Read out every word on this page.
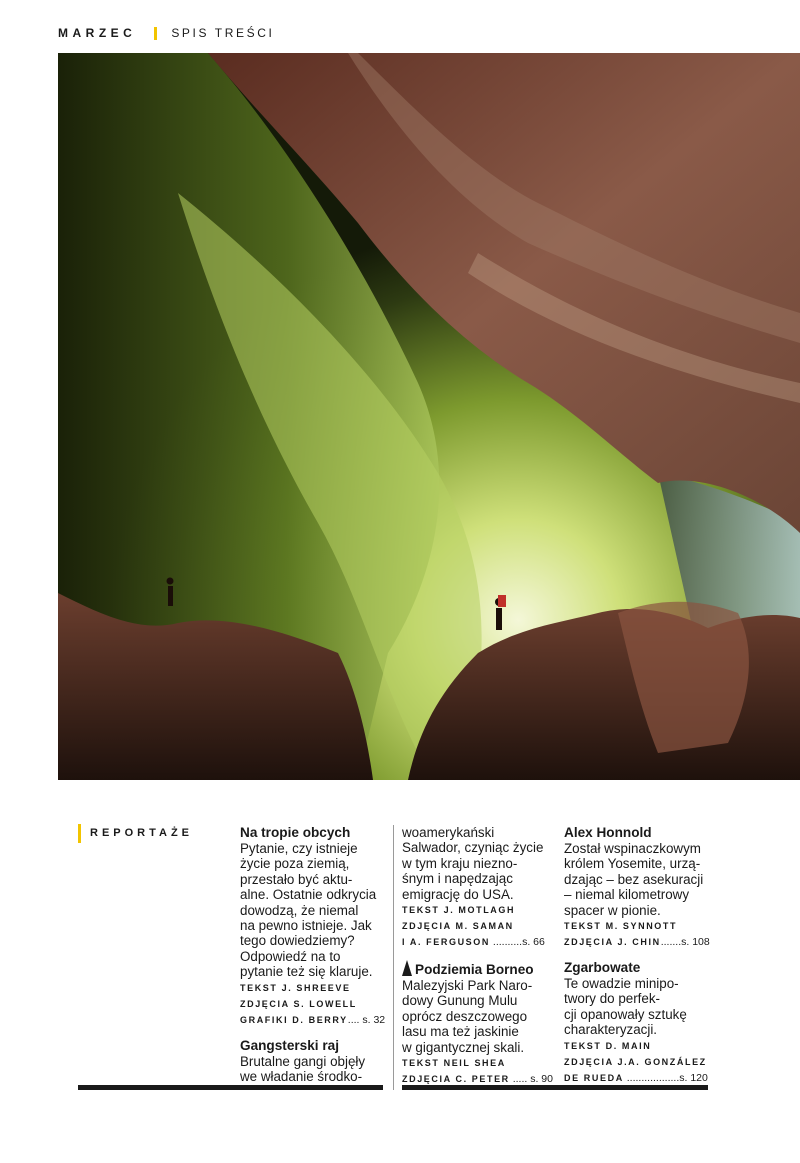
MARZEC	SPIS TREŚCI
REPORTAŻE	Na tropie obcych
Pytanie, czy istnieje
życie poza ziemią,
przestało być aktu-
alne. Ostatnie odkrycia
dowodzą, że niemal
na pewno istnieje. Jak
tego dowiedziemy?
Odpowiedź na to
pytanie też się klaruje.
TEKST J. SHREEVE
ZDJĘCIA S. LOWELL
GRAFIKI D. BERRY.... s. 32
Gangsterski raj
Brutalne gangi objęły
we władanie środko-
woamerykański
Salwador, czyniąc życie
w tym kraju niezno-
śnym i napędzając
emigrację do USA.
TEKST J. MOTLAGH
ZDJĘCIA M. SAMAN
I A. FERGUSON ..........s. 66
Podziemia Borneo
Malezyjski Park Naro-
dowy Gunung Mulu
oprócz deszczowego
lasu ma też jaskinie
w gigantycznej skali.
TEKST NEIL SHEA
ZDJĘCIA C. PETER ..... s. 90
Alex Honnold
Został wspinaczkowym
królem Yosemite, urzą-
dzając – bez asekuracji
– niemal kilometrowy
spacer w pionie.
TEKST M. SYNNOTT
ZDJĘCIA J. CHIN.......s. 108
Zgarbowate
Te owadzie minipo-
twory do perfek-
cji opanowały sztukę
charakteryzacji.
TEKST D. MAIN
ZDJĘCIA J.A. GONZÁLEZ
DE RUEDA ..................s. 120
